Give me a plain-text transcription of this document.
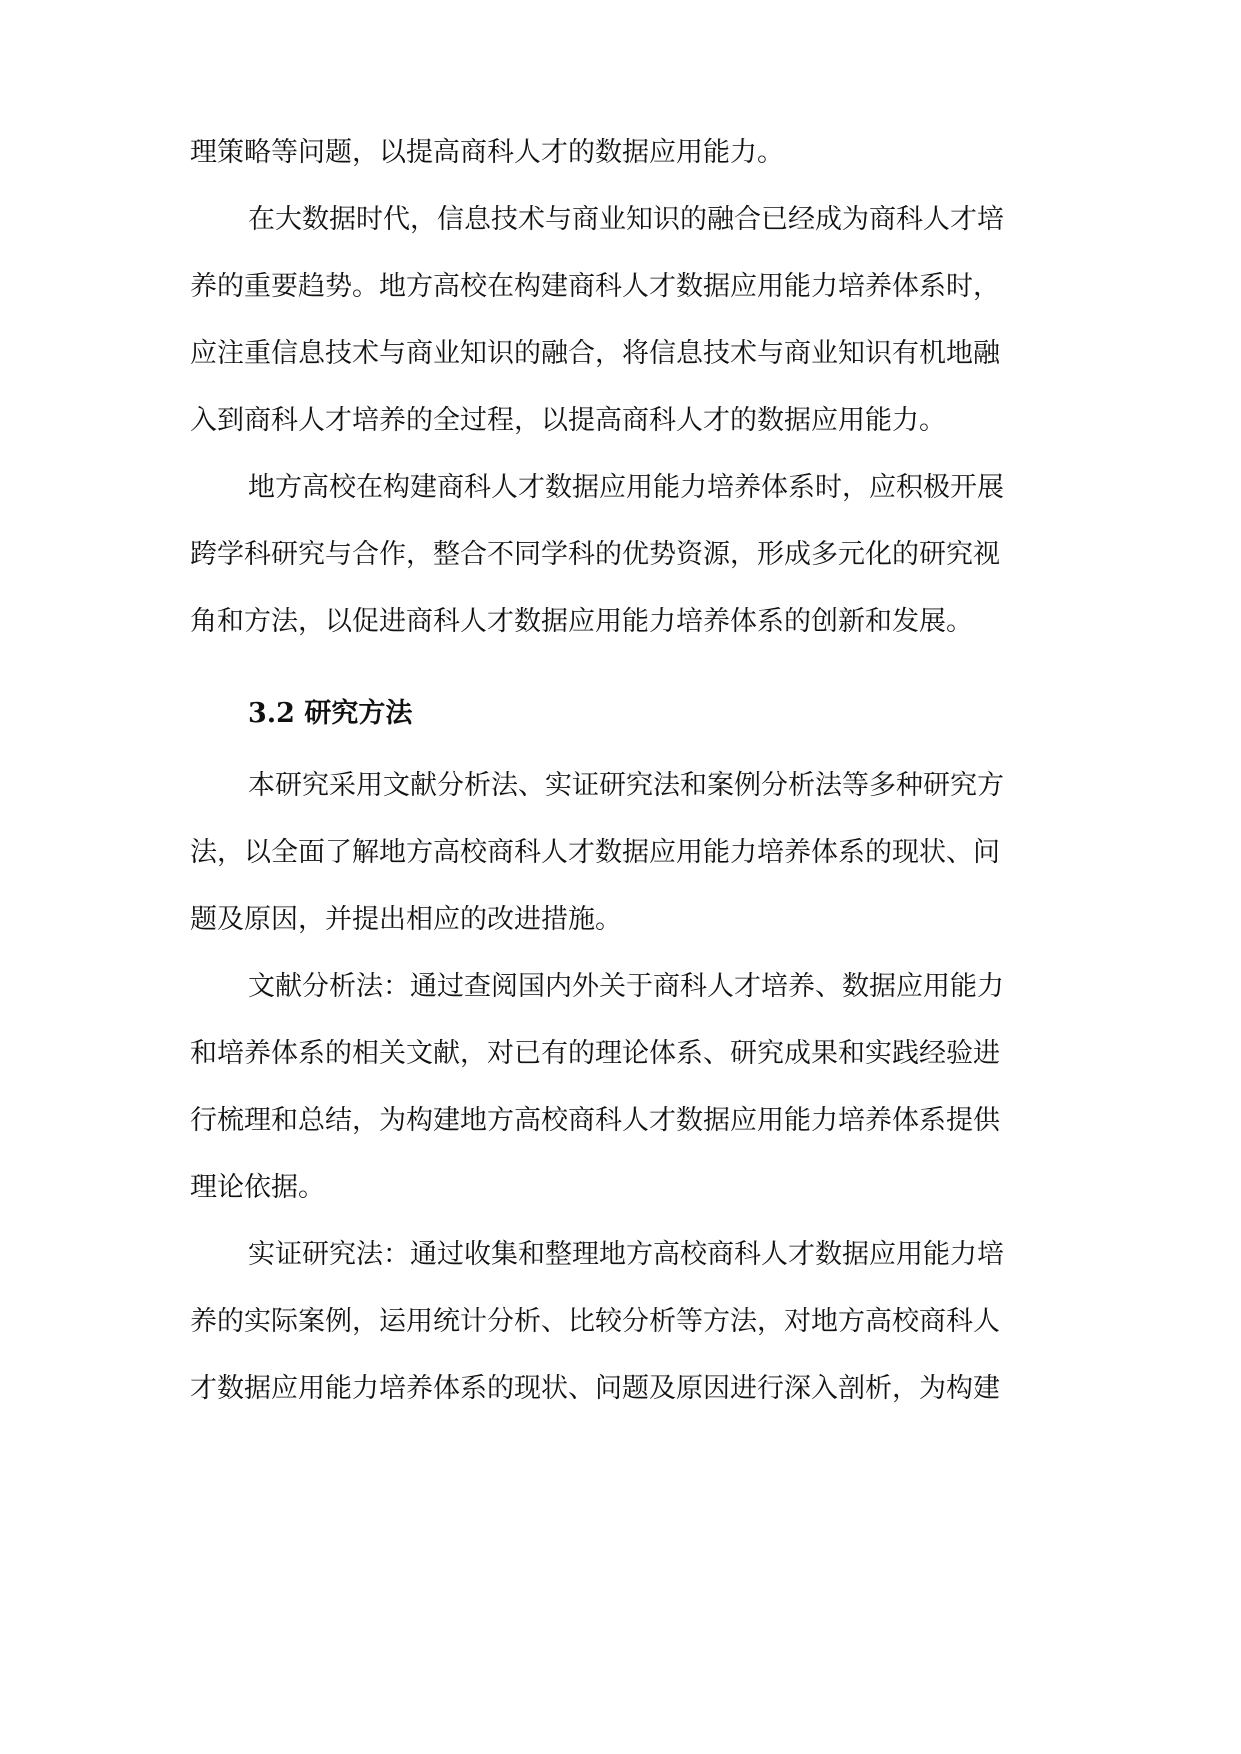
理策略等问题，以提高商科人才的数据应用能力。
在大数据时代，信息技术与商业知识的融合已经成为商科人才培
养的重要趋势。地方高校在构建商科人才数据应用能力培养体系时，
应注重信息技术与商业知识的融合，将信息技术与商业知识有机地融
入到商科人才培养的全过程，以提高商科人才的数据应用能力。
地方高校在构建商科人才数据应用能力培养体系时，应积极开展
跨学科研究与合作，整合不同学科的优势资源，形成多元化的研究视
角和方法，以促进商科人才数据应用能力培养体系的创新和发展。
3.2 研究方法
本研究采用文献分析法、实证研究法和案例分析法等多种研究方
法，以全面了解地方高校商科人才数据应用能力培养体系的现状、问
题及原因，并提出相应的改进措施。
文献分析法：通过查阅国内外关于商科人才培养、数据应用能力
和培养体系的相关文献，对已有的理论体系、研究成果和实践经验进
行梳理和总结，为构建地方高校商科人才数据应用能力培养体系提供
理论依据。
实证研究法：通过收集和整理地方高校商科人才数据应用能力培
养的实际案例，运用统计分析、比较分析等方法，对地方高校商科人
才数据应用能力培养体系的现状、问题及原因进行深入剖析，为构建
